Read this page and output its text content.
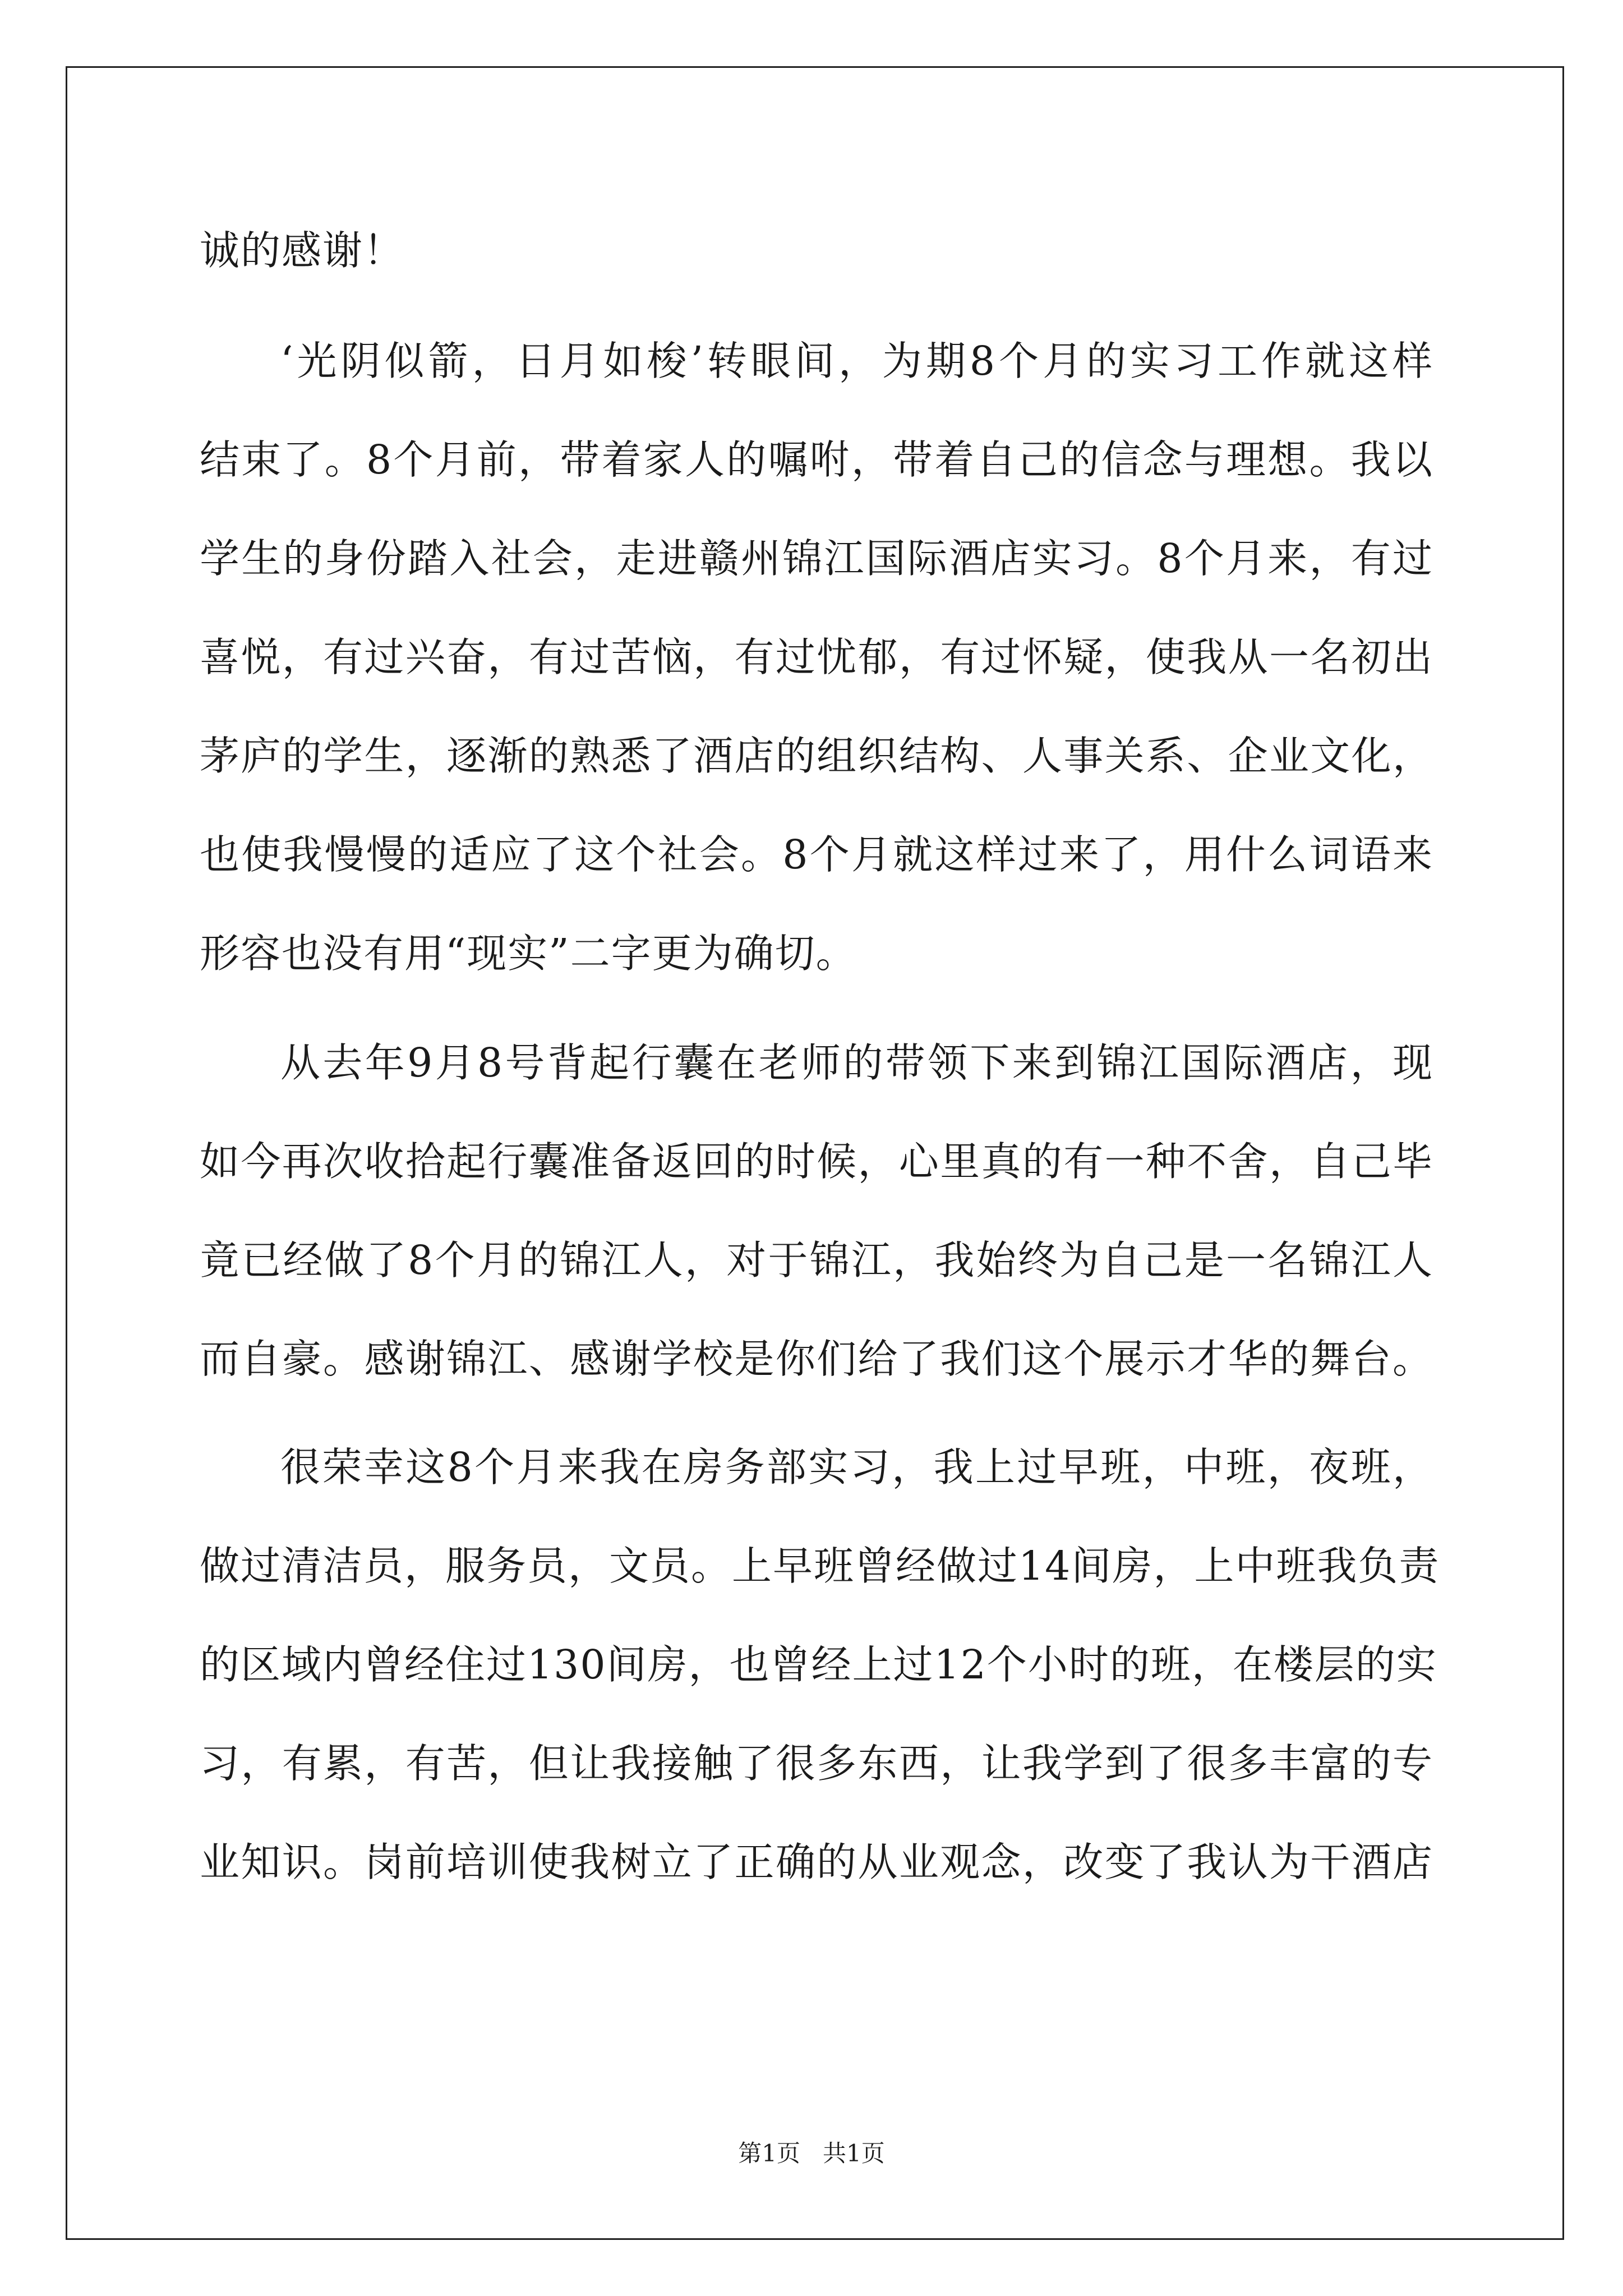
诚的感谢！
‘光阴似箭，日月如梭’转眼间，为期8个月的实习工作就这样
结束了。8个月前，带着家人的嘱咐，带着自己的信念与理想。我以
学生的身份踏入社会，走进赣州锦江国际酒店实习。8个月来，有过
喜悦，有过兴奋，有过苦恼，有过忧郁，有过怀疑，使我从一名初出
茅庐的学生，逐渐的熟悉了酒店的组织结构、人事关系、企业文化，
也使我慢慢的适应了这个社会。8个月就这样过来了，用什么词语来
形容也没有用“现实”二字更为确切。
从去年9月8号背起行囊在老师的带领下来到锦江国际酒店，现
如今再次收拾起行囊准备返回的时候，心里真的有一种不舍，自己毕
竟已经做了8个月的锦江人，对于锦江，我始终为自己是一名锦江人
而自豪。感谢锦江、感谢学校是你们给了我们这个展示才华的舞台。
很荣幸这8个月来我在房务部实习，我上过早班，中班，夜班，
做过清洁员，服务员，文员。上早班曾经做过14间房，上中班我负责
的区域内曾经住过130间房，也曾经上过12个小时的班，在楼层的实
习，有累，有苦，但让我接触了很多东西，让我学到了很多丰富的专
业知识。岗前培训使我树立了正确的从业观念，改变了我认为干酒店
第1页   共1页
